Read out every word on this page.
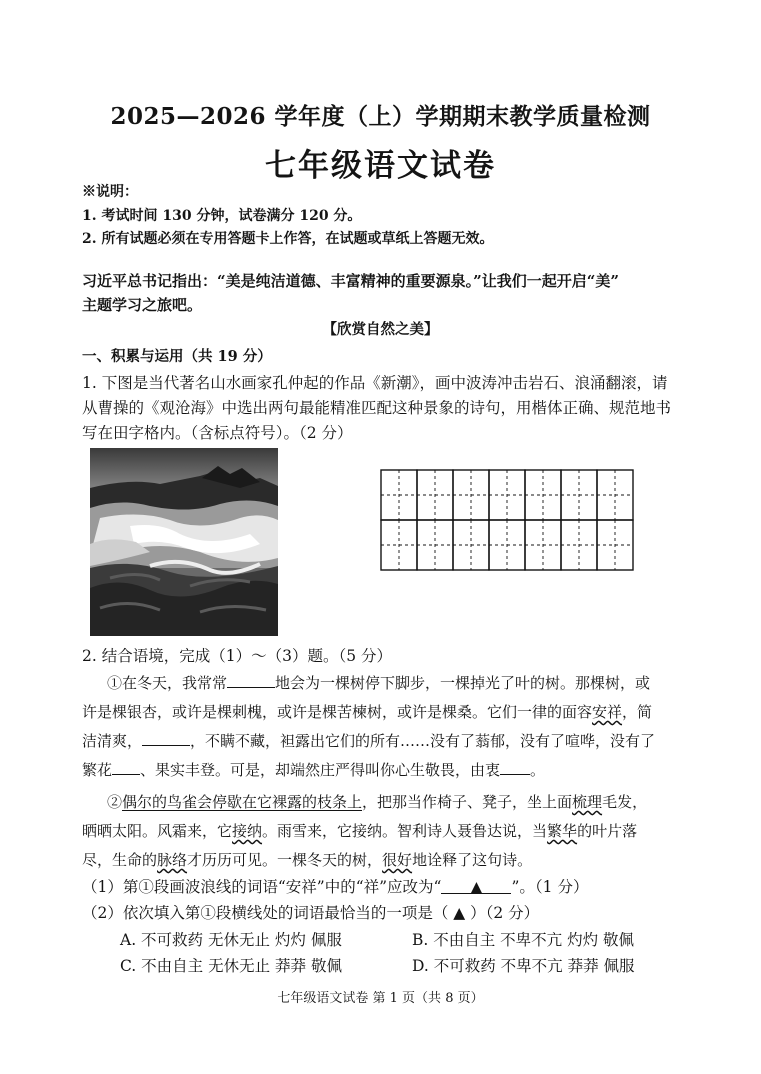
2025—2026 学年度（上）学期期末教学质量检测
七年级语文试卷
※说明：
1. 考试时间 130 分钟，试卷满分 120 分。
2. 所有试题必须在专用答题卡上作答，在试题或草纸上答题无效。
习近平总书记指出：“美是纯洁道德、丰富精神的重要源泉。”让我们一起开启“美”
主题学习之旅吧。
【欣赏自然之美】
一、积累与运用（共 19 分）
1. 下图是当代著名山水画家孔仲起的作品《新潮》，画中波涛冲击岩石、浪涌翻滚，请
从曹操的《观沧海》中选出两句最能精准匹配这种景象的诗句，用楷体正确、规范地书
写在田字格内。（含标点符号）。（2 分）
2. 结合语境，完成（1）～（3）题。（5 分）
①在冬天，我常常	地会为一棵树停下脚步，一棵掉光了叶的树。那棵树，或
许是棵银杏，或许是棵刺槐，或许是棵苦楝树，或许是棵桑。它们一律的面容安祥，简
洁清爽，	，不瞒不藏，袒露出它们的所有……没有了蓊郁，没有了喧哗，没有了
繁花 、果实丰登。可是，却端然庄严得叫你心生敬畏，由衷 。
②偶尔的鸟雀会停歇在它裸露的枝条上，把那当作椅子、凳子，坐上面梳理毛发，
晒晒太阳。风霜来，它接纳。雨雪来，它接纳。智利诗人聂鲁达说，当繁华的叶片落
尽，生命的脉络才历历可见。一棵冬天的树，很好地诠释了这句诗。
（1）第①段画波浪线的词语“安祥”中的“祥”应改为“ ▲ ”。（1 分）
（2）依次填入第①段横线处的词语最恰当的一项是（ ▲ ）（2 分）
A. 不可救药 无休无止 灼灼 佩服	B. 不由自主 不卑不亢 灼灼 敬佩
C. 不由自主 无休无止 莽莽 敬佩	D. 不可救药 不卑不亢 莽莽 佩服
七年级语文试卷 第 1 页（共 8 页）
